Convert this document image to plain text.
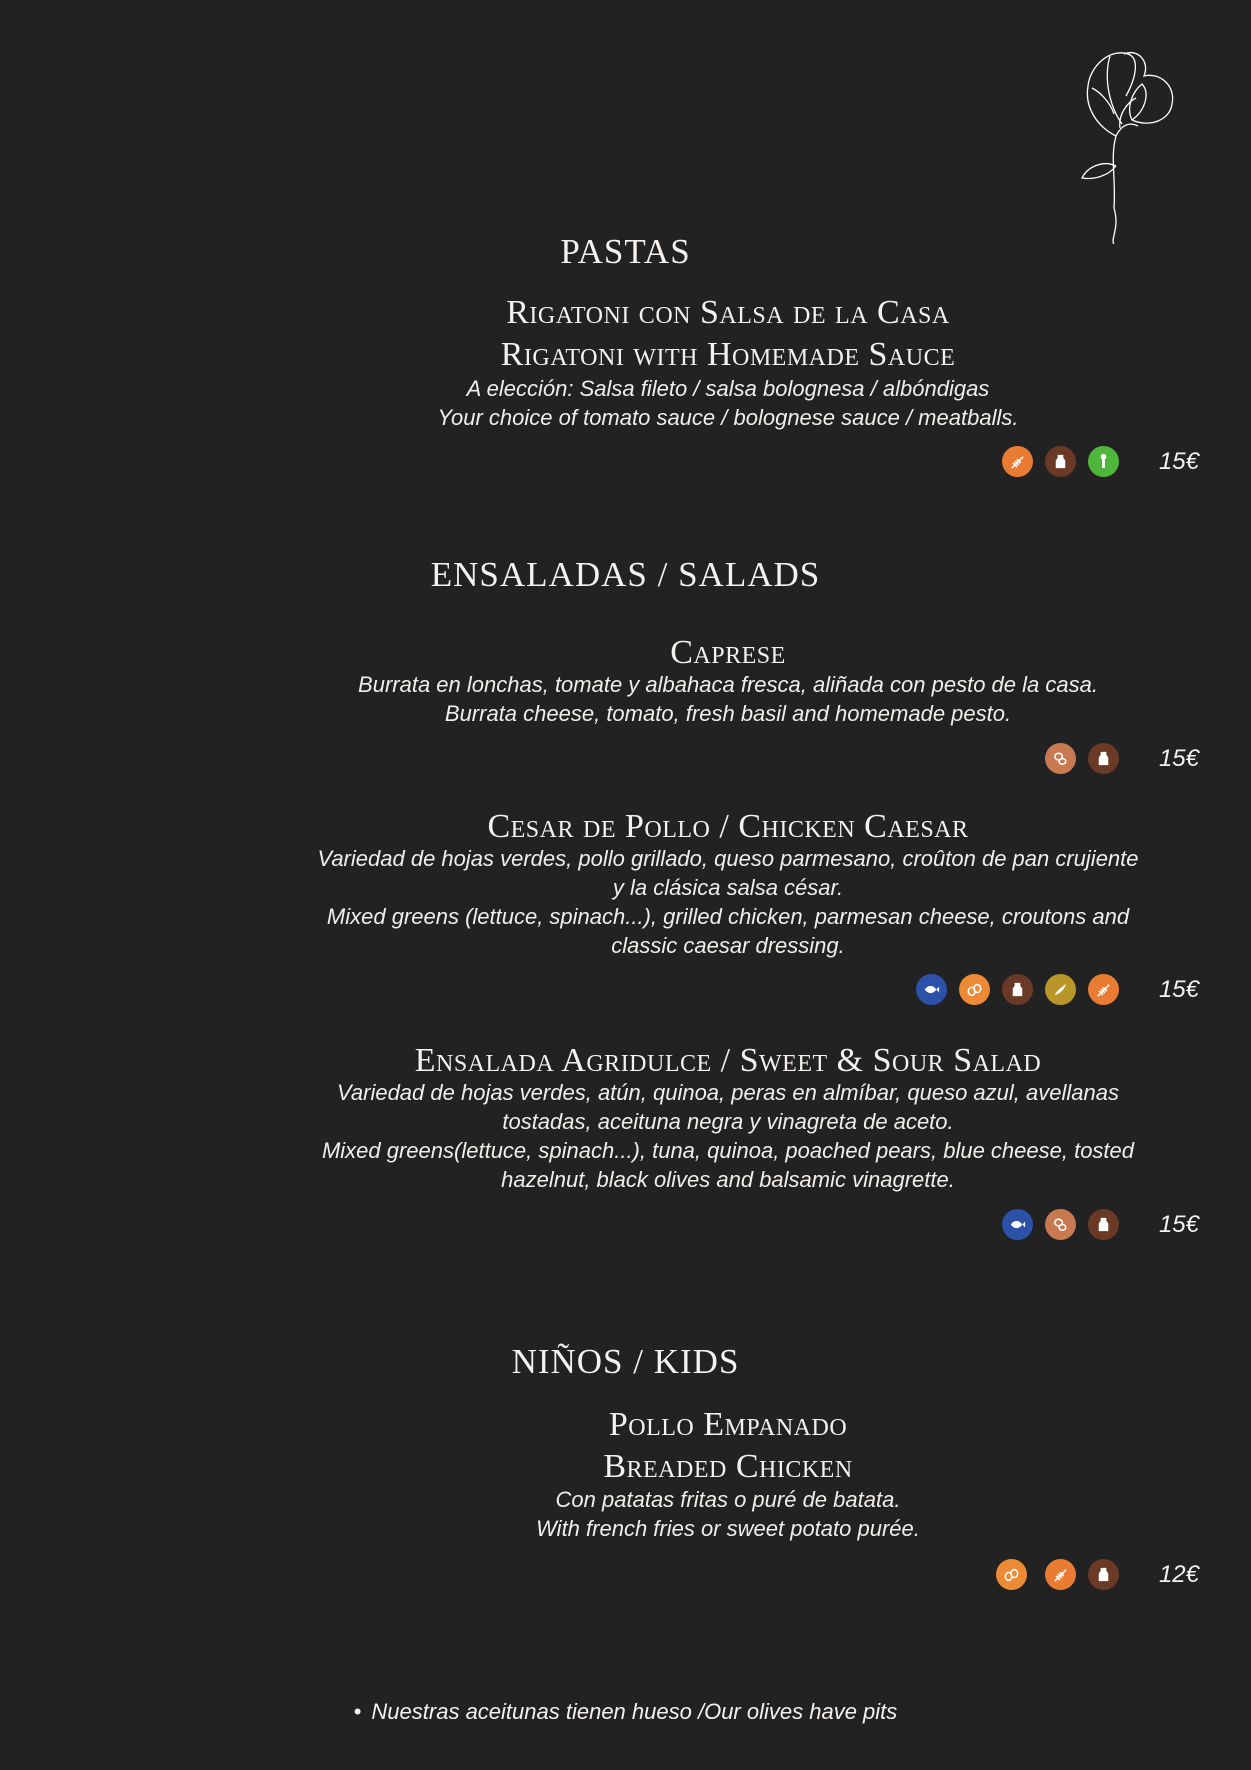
PASTAS
Rigatoni con Salsa de la Casa
Rigatoni with Homemade Sauce
A elección: Salsa fileto / salsa bolognesa / albóndigas
Your choice of tomato sauce / bolognese sauce / meatballs.
15€
ENSALADAS / SALADS
Caprese
Burrata en lonchas, tomate y albahaca fresca, aliñada con pesto de la casa.
Burrata cheese, tomato, fresh basil and homemade pesto.
15€
Cesar de Pollo / Chicken Caesar
Variedad de hojas verdes, pollo grillado, queso parmesano, croûton de pan crujiente
y la clásica salsa césar.
Mixed greens (lettuce, spinach...), grilled chicken, parmesan cheese, croutons and
classic caesar dressing.
15€
Ensalada Agridulce / Sweet & Sour Salad
Variedad de hojas verdes, atún, quinoa, peras en almíbar, queso azul, avellanas
tostadas, aceituna negra y vinagreta de aceto.
Mixed greens(lettuce, spinach...), tuna, quinoa, poached pears, blue cheese, tosted
hazelnut, black olives and balsamic vinagrette.
15€
NIÑOS / KIDS
Pollo Empanado
Breaded Chicken
Con patatas fritas o puré de batata.
With french fries or sweet potato purée.
12€
• Nuestras aceitunas tienen hueso /Our olives have pits
